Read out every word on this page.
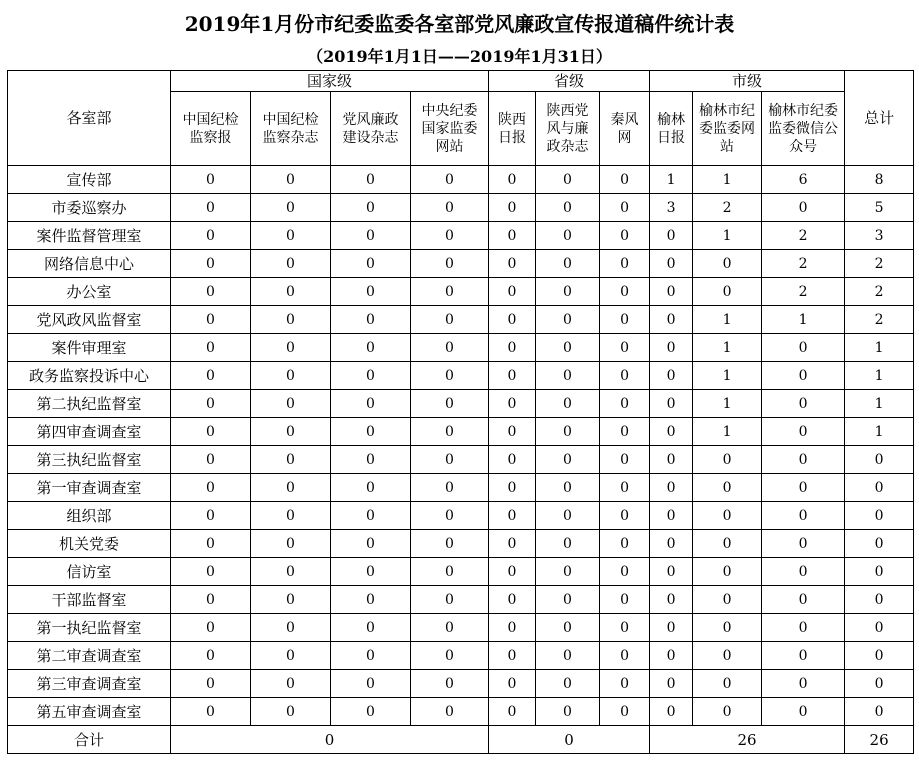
2019年1月份市纪委监委各室部党风廉政宣传报道稿件统计表
（2019年1月1日——2019年1月31日）
各室部	国家级				省级			市级			总计
	中国纪检监察报	中国纪检监察杂志	党风廉政建设杂志	中央纪委国家监委网站	陕西日报	陕西党风与廉政杂志	秦风网	榆林日报	榆林市纪委监委网站	榆林市纪委监委微信公众号	
宣传部	0	0	0	0	0	0	0	1	1	6	8
市委巡察办	0	0	0	0	0	0	0	3	2	0	5
案件监督管理室	0	0	0	0	0	0	0	0	1	2	3
网络信息中心	0	0	0	0	0	0	0	0	0	2	2
办公室	0	0	0	0	0	0	0	0	0	2	2
党风政风监督室	0	0	0	0	0	0	0	0	1	1	2
案件审理室	0	0	0	0	0	0	0	0	1	0	1
政务监察投诉中心	0	0	0	0	0	0	0	0	1	0	1
第二执纪监督室	0	0	0	0	0	0	0	0	1	0	1
第四审查调查室	0	0	0	0	0	0	0	0	1	0	1
第三执纪监督室	0	0	0	0	0	0	0	0	0	0	0
第一审查调查室	0	0	0	0	0	0	0	0	0	0	0
组织部	0	0	0	0	0	0	0	0	0	0	0
机关党委	0	0	0	0	0	0	0	0	0	0	0
信访室	0	0	0	0	0	0	0	0	0	0	0
干部监督室	0	0	0	0	0	0	0	0	0	0	0
第一执纪监督室	0	0	0	0	0	0	0	0	0	0	0
第二审查调查室	0	0	0	0	0	0	0	0	0	0	0
第三审查调查室	0	0	0	0	0	0	0	0	0	0	0
第五审查调查室	0	0	0	0	0	0	0	0	0	0	0
合计	0				0			26			26
